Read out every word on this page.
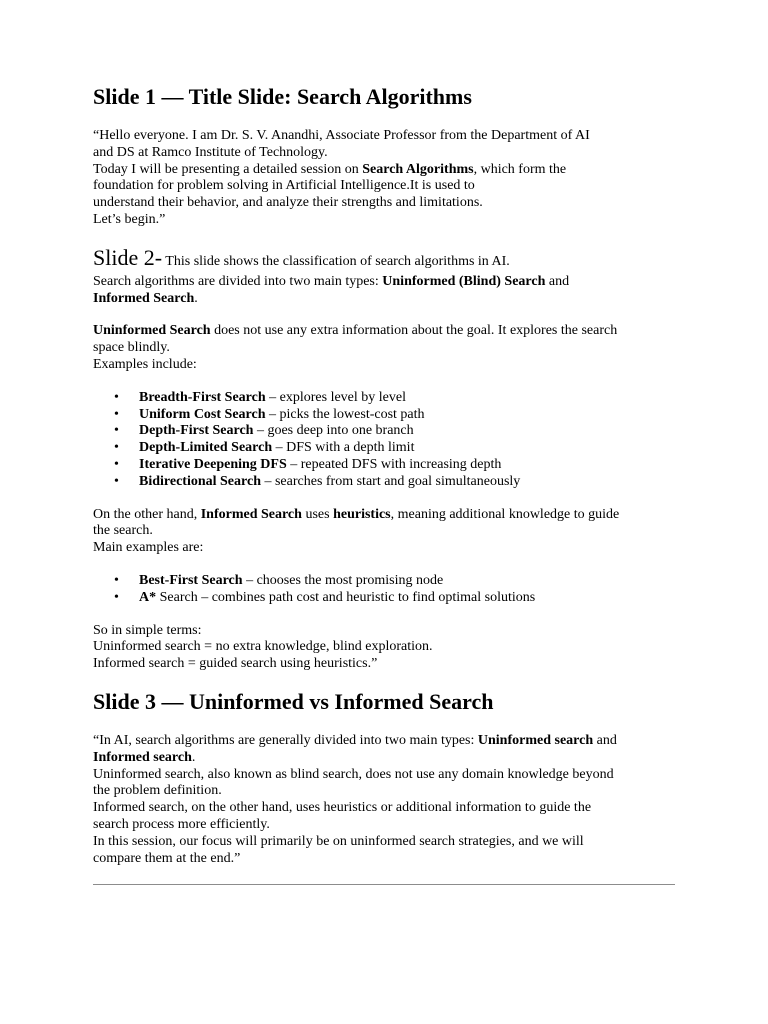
Slide 1 — Title Slide: Search Algorithms

“Hello everyone. I am Dr. S. V. Anandhi, Associate Professor from the Department of AI

and DS at Ramco Institute of Technology.

Today I will be presenting a detailed session on Search Algorithms, which form the

foundation for problem solving in Artificial Intelligence.It is used to

understand their behavior, and analyze their strengths and limitations.

Let’s begin.”

Slide 2- This slide shows the classification of search algorithms in AI.

Search algorithms are divided into two main types: Uninformed (Blind) Search and

Informed Search.

Uninformed Search does not use any extra information about the goal. It explores the search

space blindly.

Examples include:

• Breadth-First Search – explores level by level
• Uniform Cost Search – picks the lowest-cost path
• Depth-First Search – goes deep into one branch
• Depth-Limited Search – DFS with a depth limit
• Iterative Deepening DFS – repeated DFS with increasing depth
• Bidirectional Search – searches from start and goal simultaneously

On the other hand, Informed Search uses heuristics, meaning additional knowledge to guide

the search.

Main examples are:

• Best-First Search – chooses the most promising node
• A* Search – combines path cost and heuristic to find optimal solutions

So in simple terms:

Uninformed search = no extra knowledge, blind exploration.

Informed search = guided search using heuristics.”

Slide 3 — Uninformed vs Informed Search

“In AI, search algorithms are generally divided into two main types: Uninformed search and

Informed search.

Uninformed search, also known as blind search, does not use any domain knowledge beyond

the problem definition.

Informed search, on the other hand, uses heuristics or additional information to guide the

search process more efficiently.

In this session, our focus will primarily be on uninformed search strategies, and we will

compare them at the end.”
